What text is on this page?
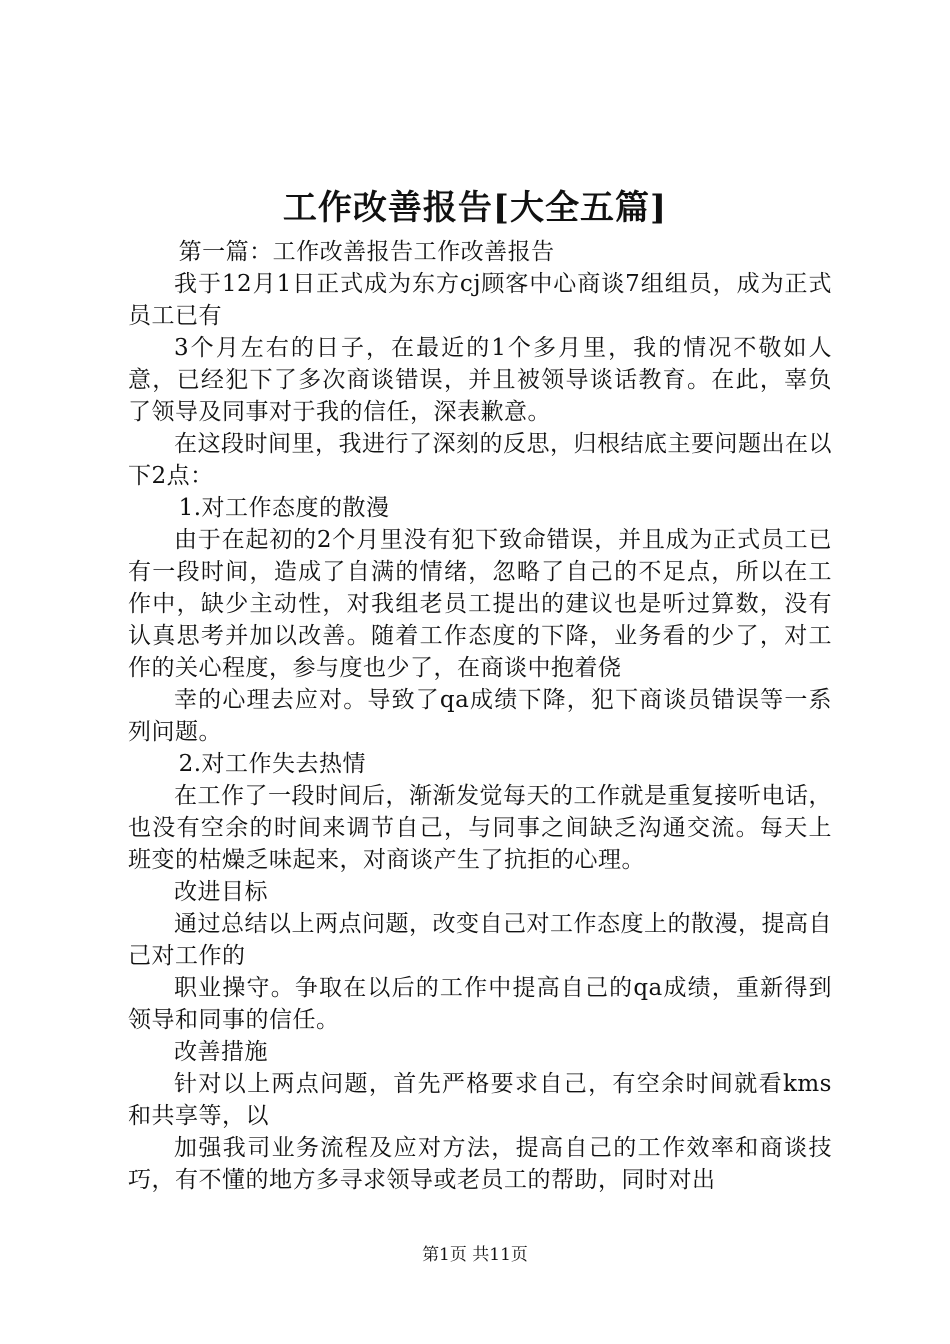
工作改善报告[大全五篇]

第一篇：工作改善报告工作改善报告

我于12月1日正式成为东方cj顾客中心商谈7组组员，成为正式员工已有

3个月左右的日子，在最近的1个多月里，我的情况不敬如人意，已经犯下了多次商谈错误，并且被领导谈话教育。在此，辜负了领导及同事对于我的信任，深表歉意。

在这段时间里，我进行了深刻的反思，归根结底主要问题出在以下2点：

1.对工作态度的散漫

由于在起初的2个月里没有犯下致命错误，并且成为正式员工已有一段时间，造成了自满的情绪，忽略了自己的不足点，所以在工作中，缺少主动性，对我组老员工提出的建议也是听过算数，没有认真思考并加以改善。随着工作态度的下降，业务看的少了，对工作的关心程度，参与度也少了，在商谈中抱着侥

幸的心理去应对。导致了qa成绩下降，犯下商谈员错误等一系列问题。

2.对工作失去热情

在工作了一段时间后，渐渐发觉每天的工作就是重复接听电话，也没有空余的时间来调节自己，与同事之间缺乏沟通交流。每天上班变的枯燥乏味起来，对商谈产生了抗拒的心理。

改进目标

通过总结以上两点问题，改变自己对工作态度上的散漫，提高自己对工作的

职业操守。争取在以后的工作中提高自己的qa成绩，重新得到领导和同事的信任。

改善措施

针对以上两点问题，首先严格要求自己，有空余时间就看kms和共享等，以

加强我司业务流程及应对方法，提高自己的工作效率和商谈技巧，有不懂的地方多寻求领导或老员工的帮助，同时对出

第1页 共11页
